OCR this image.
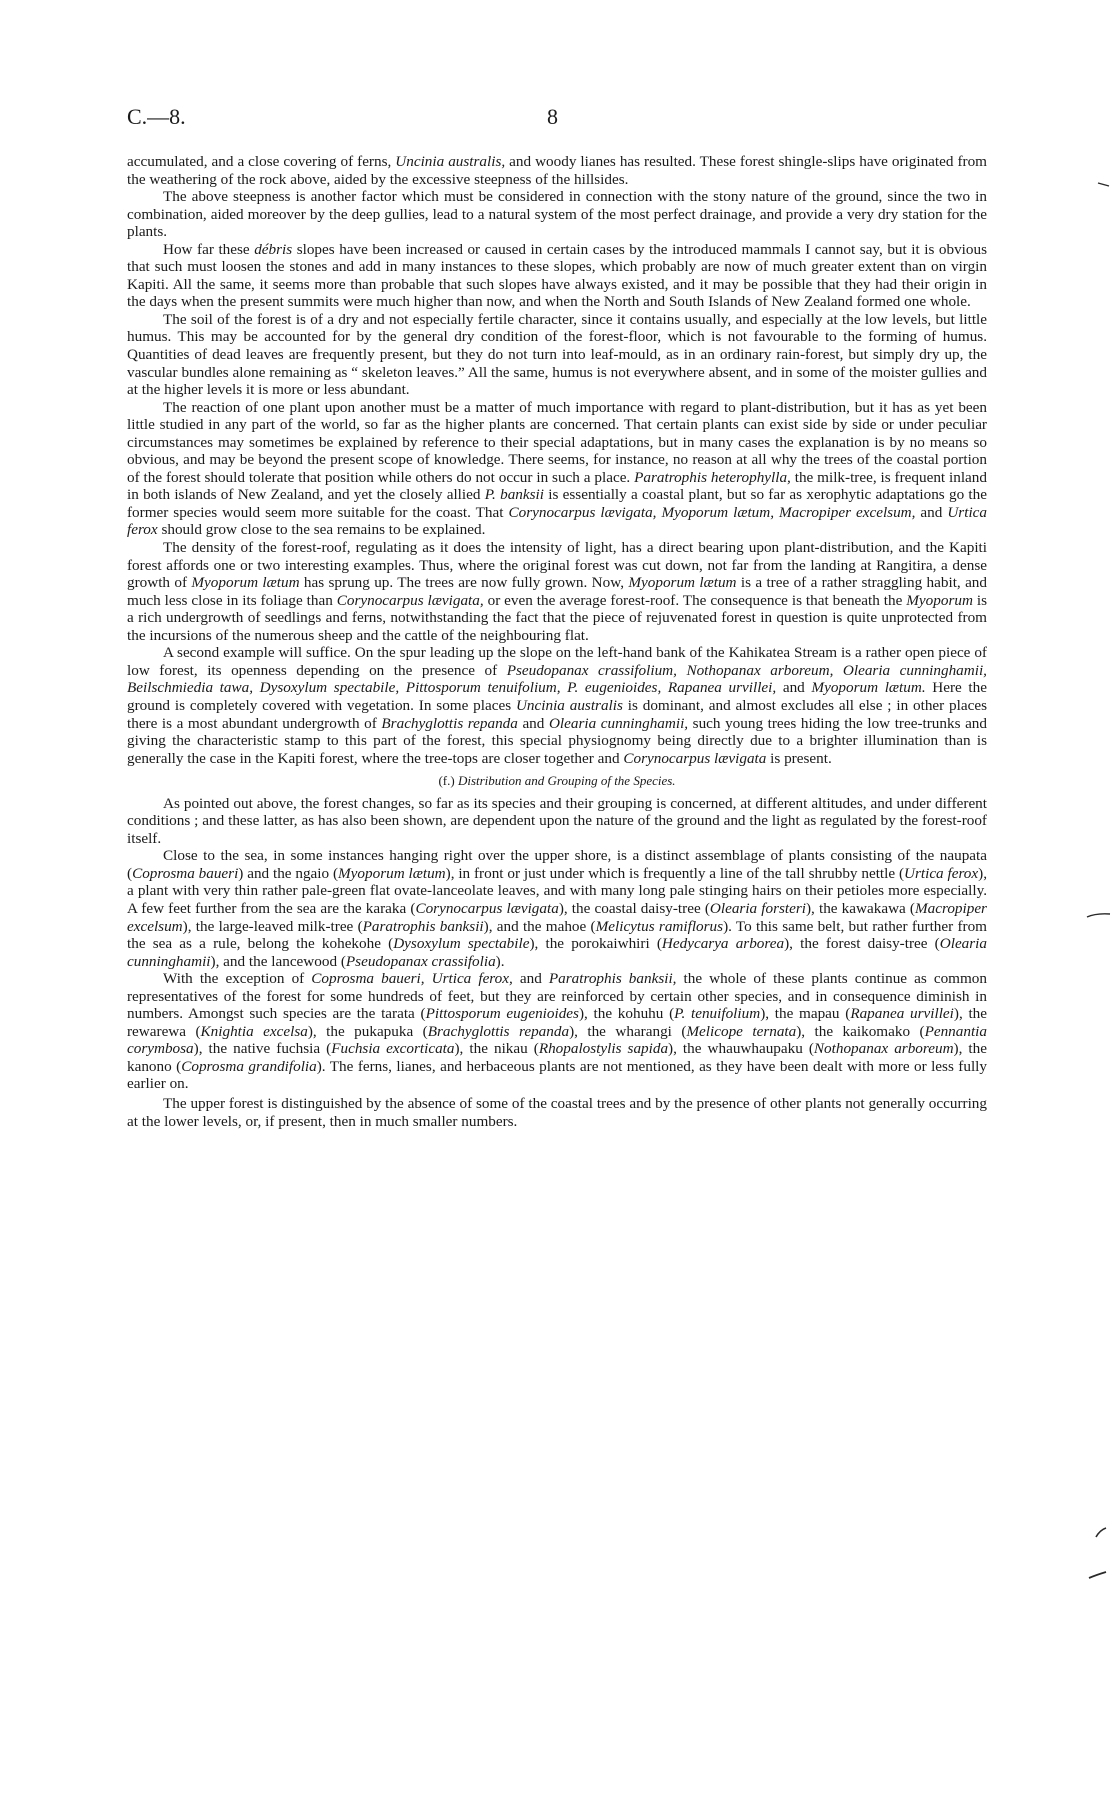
C.—8.	8

accumulated, and a close covering of ferns, Uncinia australis, and woody lianes has resulted. These forest shingle-slips have originated from the weathering of the rock above, aided by the excessive steepness of the hillsides.

The above steepness is another factor which must be considered in connection with the stony nature of the ground, since the two in combination, aided moreover by the deep gullies, lead to a natural system of the most perfect drainage, and provide a very dry station for the plants.

How far these débris slopes have been increased or caused in certain cases by the introduced mammals I cannot say, but it is obvious that such must loosen the stones and add in many instances to these slopes, which probably are now of much greater extent than on virgin Kapiti. All the same, it seems more than probable that such slopes have always existed, and it may be possible that they had their origin in the days when the present summits were much higher than now, and when the North and South Islands of New Zealand formed one whole.

The soil of the forest is of a dry and not especially fertile character, since it contains usually, and especially at the low levels, but little humus. This may be accounted for by the general dry condition of the forest-floor, which is not favourable to the forming of humus. Quantities of dead leaves are frequently present, but they do not turn into leaf-mould, as in an ordinary rain-forest, but simply dry up, the vascular bundles alone remaining as “ skeleton leaves.” All the same, humus is not everywhere absent, and in some of the moister gullies and at the higher levels it is more or less abundant.

The reaction of one plant upon another must be a matter of much importance with regard to plant-distribution, but it has as yet been little studied in any part of the world, so far as the higher plants are concerned. That certain plants can exist side by side or under peculiar circumstances may sometimes be explained by reference to their special adaptations, but in many cases the explanation is by no means so obvious, and may be beyond the present scope of knowledge. There seems, for instance, no reason at all why the trees of the coastal portion of the forest should tolerate that position while others do not occur in such a place. Paratrophis heterophylla, the milk-tree, is frequent inland in both islands of New Zealand, and yet the closely allied P. banksii is essentially a coastal plant, but so far as xerophytic adaptations go the former species would seem more suitable for the coast. That Corynocarpus lævigata, Myoporum lætum, Macropiper excelsum, and Urtica ferox should grow close to the sea remains to be explained.

The density of the forest-roof, regulating as it does the intensity of light, has a direct bearing upon plant-distribution, and the Kapiti forest affords one or two interesting examples. Thus, where the original forest was cut down, not far from the landing at Rangitira, a dense growth of Myoporum lætum has sprung up. The trees are now fully grown. Now, Myoporum lætum is a tree of a rather straggling habit, and much less close in its foliage than Corynocarpus lævigata, or even the average forest-roof. The consequence is that beneath the Myoporum is a rich undergrowth of seedlings and ferns, notwithstanding the fact that the piece of rejuvenated forest in question is quite unprotected from the incursions of the numerous sheep and the cattle of the neighbouring flat.

A second example will suffice. On the spur leading up the slope on the left-hand bank of the Kahikatea Stream is a rather open piece of low forest, its openness depending on the presence of Pseudopanax crassifolium, Nothopanax arboreum, Olearia cunninghamii, Beilschmiedia tawa, Dysoxylum spectabile, Pittosporum tenuifolium, P. eugenioides, Rapanea urvillei, and Myoporum lætum. Here the ground is completely covered with vegetation. In some places Uncinia australis is dominant, and almost excludes all else ; in other places there is a most abundant undergrowth of Brachyglottis repanda and Olearia cunninghamii, such young trees hiding the low tree-trunks and giving the characteristic stamp to this part of the forest, this special physiognomy being directly due to a brighter illumination than is generally the case in the Kapiti forest, where the tree-tops are closer together and Corynocarpus lævigata is present.

(f.) Distribution and Grouping of the Species.

As pointed out above, the forest changes, so far as its species and their grouping is concerned, at different altitudes, and under different conditions ; and these latter, as has also been shown, are dependent upon the nature of the ground and the light as regulated by the forest-roof itself.

Close to the sea, in some instances hanging right over the upper shore, is a distinct assemblage of plants consisting of the naupata (Coprosma baueri) and the ngaio (Myoporum lætum), in front or just under which is frequently a line of the tall shrubby nettle (Urtica ferox), a plant with very thin rather pale-green flat ovate-lanceolate leaves, and with many long pale stinging hairs on their petioles more especially. A few feet further from the sea are the karaka (Corynocarpus lævigata), the coastal daisy-tree (Olearia forsteri), the kawakawa (Macropiper excelsum), the large-leaved milk-tree (Paratrophis banksii), and the mahoe (Melicytus ramiflorus). To this same belt, but rather further from the sea as a rule, belong the kohekohe (Dysoxylum spectabile), the porokaiwhiri (Hedycarya arborea), the forest daisy-tree (Olearia cunninghamii), and the lancewood (Pseudopanax crassifolia).

With the exception of Coprosma baueri, Urtica ferox, and Paratrophis banksii, the whole of these plants continue as common representatives of the forest for some hundreds of feet, but they are reinforced by certain other species, and in consequence diminish in numbers. Amongst such species are the tarata (Pittosporum eugenioides), the kohuhu (P. tenuifolium), the mapau (Rapanea urvillei), the rewarewa (Knightia excelsa), the pukapuka (Brachyglottis repanda), the wharangi (Melicope ternata), the kaikomako (Pennantia corymbosa), the native fuchsia (Fuchsia excorticata), the nikau (Rhopalostylis sapida), the whauwhaupaku (Nothopanax arboreum), the kanono (Coprosma grandifolia). The ferns, lianes, and herbaceous plants are not mentioned, as they have been dealt with more or less fully earlier on.

The upper forest is distinguished by the absence of some of the coastal trees and by the presence of other plants not generally occurring at the lower levels, or, if present, then in much smaller numbers.
